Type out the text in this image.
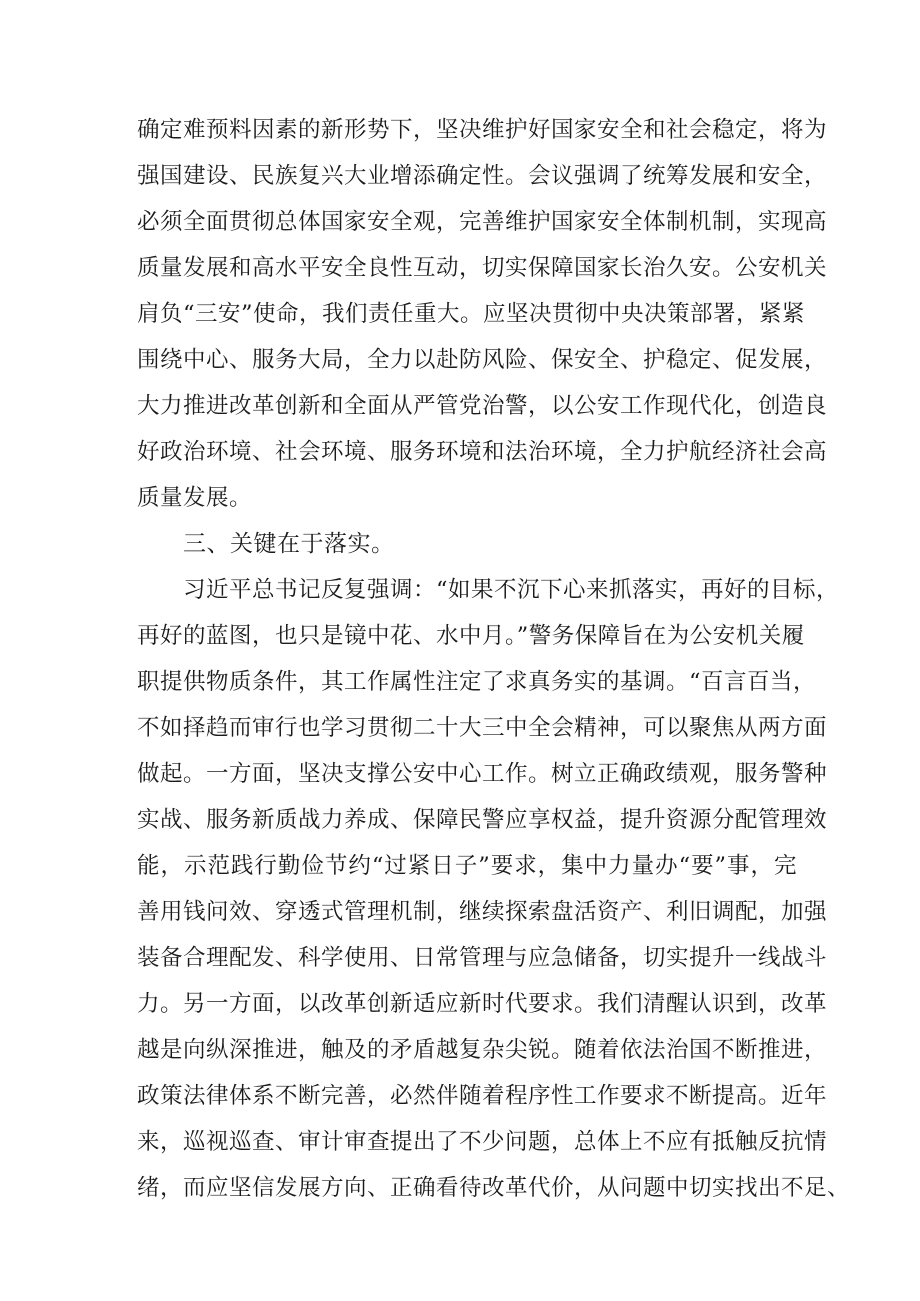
确定难预料因素的新形势下，坚决维护好国家安全和社会稳定，将为
强国建设、民族复兴大业增添确定性。会议强调了统筹发展和安全，
必须全面贯彻总体国家安全观，完善维护国家安全体制机制，实现高
质量发展和高水平安全良性互动，切实保障国家长治久安。公安机关
肩负“三安”使命，我们责任重大。应坚决贯彻中央决策部署，紧紧
围绕中心、服务大局，全力以赴防风险、保安全、护稳定、促发展，
大力推进改革创新和全面从严管党治警，以公安工作现代化，创造良
好政治环境、社会环境、服务环境和法治环境，全力护航经济社会高
质量发展。
三、关键在于落实。
习近平总书记反复强调：“如果不沉下心来抓落实，再好的目标，
再好的蓝图，也只是镜中花、水中月。”警务保障旨在为公安机关履
职提供物质条件，其工作属性注定了求真务实的基调。“百言百当，
不如择趋而审行也学习贯彻二十大三中全会精神，可以聚焦从两方面
做起。一方面，坚决支撑公安中心工作。树立正确政绩观，服务警种
实战、服务新质战力养成、保障民警应享权益，提升资源分配管理效
能，示范践行勤俭节约“过紧日子”要求，集中力量办“要”事，完
善用钱问效、穿透式管理机制，继续探索盘活资产、利旧调配，加强
装备合理配发、科学使用、日常管理与应急储备，切实提升一线战斗
力。另一方面，以改革创新适应新时代要求。我们清醒认识到，改革
越是向纵深推进，触及的矛盾越复杂尖锐。随着依法治国不断推进，
政策法律体系不断完善，必然伴随着程序性工作要求不断提高。近年
来，巡视巡查、审计审查提出了不少问题，总体上不应有抵触反抗情
绪，而应坚信发展方向、正确看待改革代价，从问题中切实找出不足、
